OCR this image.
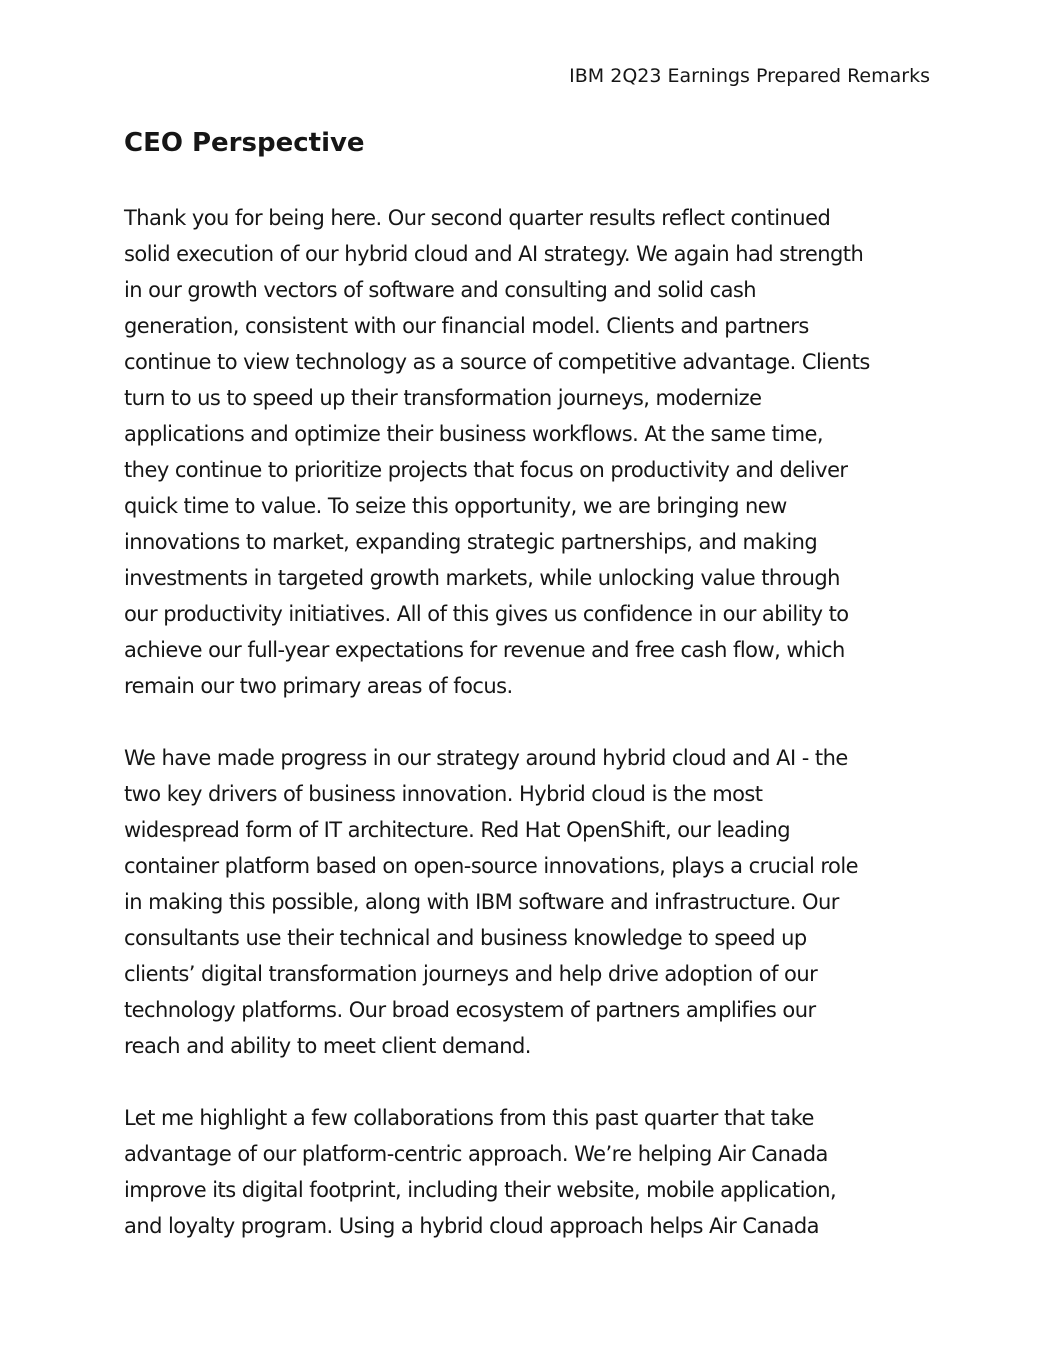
IBM 2Q23 Earnings Prepared Remarks
CEO Perspective

Thank you for being here. Our second quarter results reflect continued
solid execution of our hybrid cloud and AI strategy. We again had strength
in our growth vectors of software and consulting and solid cash
generation, consistent with our financial model. Clients and partners
continue to view technology as a source of competitive advantage. Clients
turn to us to speed up their transformation journeys, modernize
applications and optimize their business workflows. At the same time,
they continue to prioritize projects that focus on productivity and deliver
quick time to value. To seize this opportunity, we are bringing new
innovations to market, expanding strategic partnerships, and making
investments in targeted growth markets, while unlocking value through
our productivity initiatives. All of this gives us confidence in our ability to
achieve our full-year expectations for revenue and free cash flow, which
remain our two primary areas of focus.

We have made progress in our strategy around hybrid cloud and AI - the
two key drivers of business innovation. Hybrid cloud is the most
widespread form of IT architecture. Red Hat OpenShift, our leading
container platform based on open-source innovations, plays a crucial role
in making this possible, along with IBM software and infrastructure. Our
consultants use their technical and business knowledge to speed up
clients’ digital transformation journeys and help drive adoption of our
technology platforms. Our broad ecosystem of partners amplifies our
reach and ability to meet client demand.

Let me highlight a few collaborations from this past quarter that take
advantage of our platform-centric approach. We’re helping Air Canada
improve its digital footprint, including their website, mobile application,
and loyalty program. Using a hybrid cloud approach helps Air Canada
